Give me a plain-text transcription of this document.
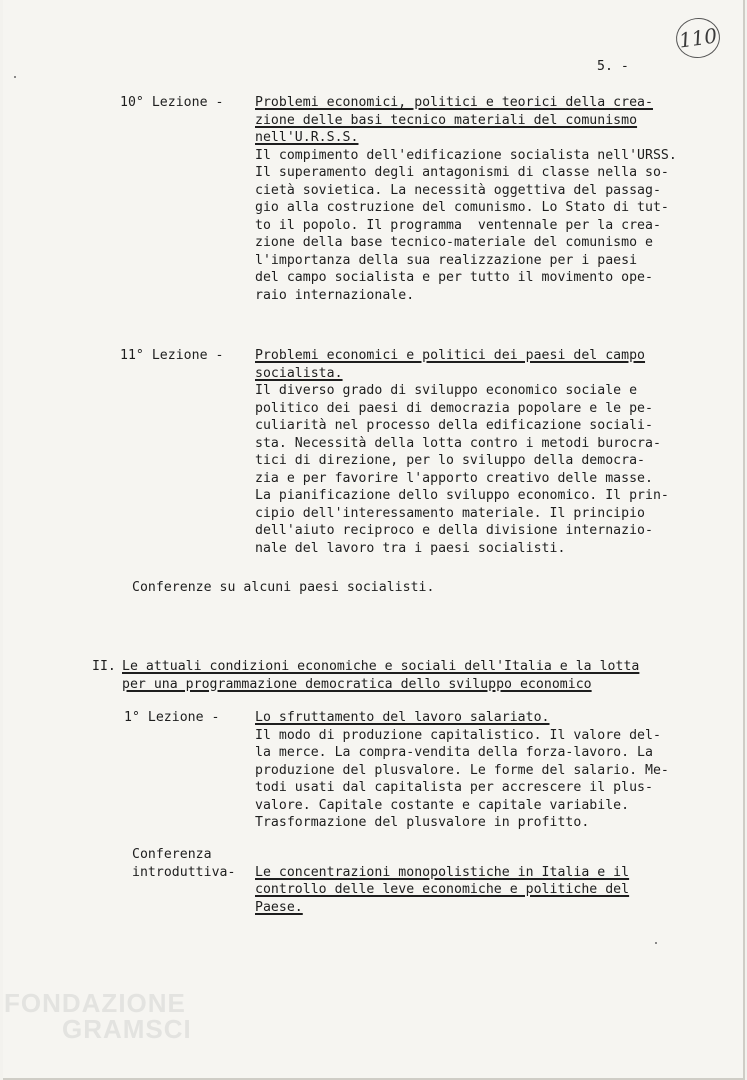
110
5. -
10° Lezione - Problemi economici, politici e teorici della crea-
zione delle basi tecnico materiali del comunismo
nell'U.R.S.S.
Il compimento dell'edificazione socialista nell'URSS.
Il superamento degli antagonismi di classe nella so-
cietà sovietica. La necessità oggettiva del passag-
gio alla costruzione del comunismo. Lo Stato di tut-
to il popolo. Il programma  ventennale per la crea-
zione della base tecnico-materiale del comunismo e
l'importanza della sua realizzazione per i paesi
del campo socialista e per tutto il movimento ope-
raio internazionale.
11° Lezione - Problemi economici e politici dei paesi del campo
socialista.
Il diverso grado di sviluppo economico sociale e
politico dei paesi di democrazia popolare e le pe-
culiarità nel processo della edificazione sociali-
sta. Necessità della lotta contro i metodi burocra-
tici di direzione, per lo sviluppo della democra-
zia e per favorire l'apporto creativo delle masse.
La pianificazione dello sviluppo economico. Il prin-
cipio dell'interessamento materiale. Il principio
dell'aiuto reciproco e della divisione internazio-
nale del lavoro tra i paesi socialisti.
Conferenze su alcuni paesi socialisti.
II. Le attuali condizioni economiche e sociali dell'Italia e la lotta
per una programmazione democratica dello sviluppo economico
1° Lezione -	Lo sfruttamento del lavoro salariato.
Il modo di produzione capitalistico. Il valore del-
la merce. La compra-vendita della forza-lavoro. La
produzione del plusvalore. Le forme del salario. Me-
todi usati dal capitalista per accrescere il plus-
valore. Capitale costante e capitale variabile.
Trasformazione del plusvalore in profitto.
Conferenza
introduttiva- Le concentrazioni monopolistiche in Italia e il
controllo delle leve economiche e politiche del
Paese.
FONDAZIONE
GRAMSCI
